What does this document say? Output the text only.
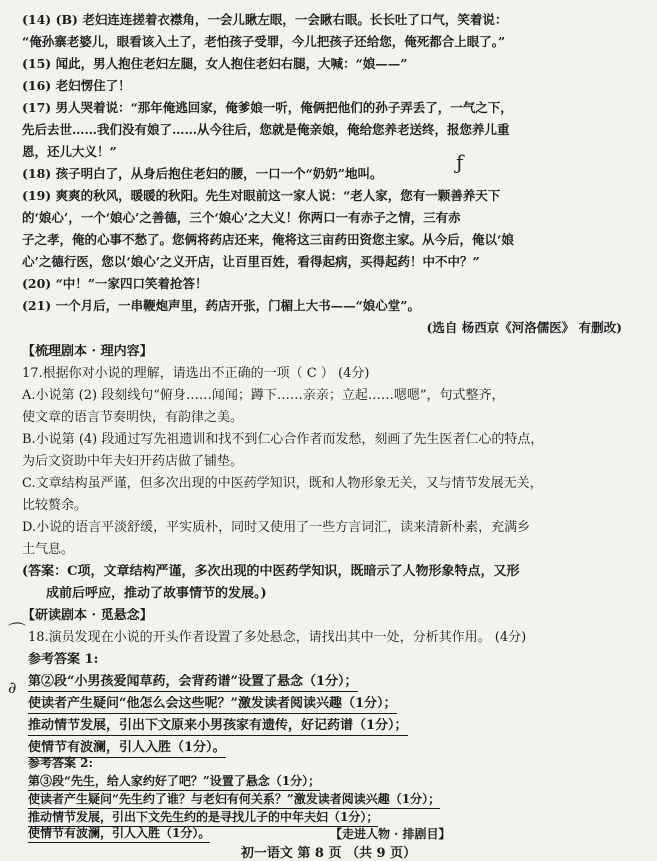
(14) (B) 老妇连连搓着衣襟角，一会儿瞅左眼，一会瞅右眼。长长吐了口气，笑着说：
“俺孙寨老婆儿，眼看该入土了，老怕孩子受罪，今儿把孩子还给您，俺死都合上眼了。”
(15) 闻此，男人抱住老妇左腿，女人抱住老妇右腿，大喊：“娘——”
(16) 老妇愣住了！
(17) 男人哭着说：“那年俺逃回家，俺爹娘一听，俺俩把他们的孙子弄丢了，一气之下，
先后去世……我们没有娘了……从今往后，您就是俺亲娘，俺给您养老送终，报您养儿重
恩，还儿大义！”
(18) 孩子明白了，从身后抱住老妇的腰，一口一个“奶奶”地叫。
(19) 爽爽的秋风，暖暖的秋阳。先生对眼前这一家人说：“老人家，您有一颗善养天下
的‘娘心’，一个‘娘心’之善德，三个‘娘心’之大义！你两口一有赤子之情，三有赤
子之孝，俺的心事不愁了。您俩将药店还来，俺将这三亩药田资您主家。从今后，俺以‘娘
心’之德行医，您以‘娘心’之义开店，让百里百姓，看得起病，买得起药！中不中？”
(20) “中！”一家四口笑着抢答！
(21) 一个月后，一串鞭炮声里，药店开张，门楣上大书——“娘心堂”。
(选自 杨西京《河洛儒医》 有删改)
【梳理剧本 · 理内容】
17.根据你对小说的理解，请选出不正确的一项（ C ） (4分)
A.小说第 (2) 段刻线句“俯身……闻闻；蹲下……亲亲；立起……嗯嗯”，句式整齐，
使文章的语言节奏明快，有韵律之美。
B.小说第 (4) 段通过写先祖遗训和找不到仁心合作者而发愁，刻画了先生医者仁心的特点，
为后文资助中年夫妇开药店做了铺垫。
C.文章结构虽严谨，但多次出现的中医药学知识，既和人物形象无关，又与情节发展无关，
比较赘余。
D.小说的语言平淡舒缓，平实质朴，同时又使用了一些方言词汇，读来清新朴素，充满乡
土气息。
(答案：C项，文章结构严谨，多次出现的中医药学知识，既暗示了人物形象特点，又形
成前后呼应，推动了故事情节的发展。)
【研读剧本 · 觅悬念】
18.演员发现在小说的开头作者设置了多处悬念，请找出其中一处，分析其作用。 (4分)
参考答案 1:
第②段“小男孩爱闻草药，会背药谱”设置了悬念（1分）；
使读者产生疑问“他怎么会这些呢？”激发读者阅读兴趣（1分）；
推动情节发展，引出下文原来小男孩家有遗传，好记药谱（1分）；
使情节有波澜，引人入胜（1分）。
参考答案 2:
第③段“先生，给人家约好了吧？”设置了悬念（1分）；
使读者产生疑问“先生约了谁？与老妇有何关系？”激发读者阅读兴趣（1分）；
推动情节发展，引出下文先生约的是寻找儿子的中年夫妇（1分）；
使情节有波澜，引人入胜（1分）。	【走进人物 · 排剧目】
初一语文 第 8 页 （共 9 页）
ƒ
⌒
∂
